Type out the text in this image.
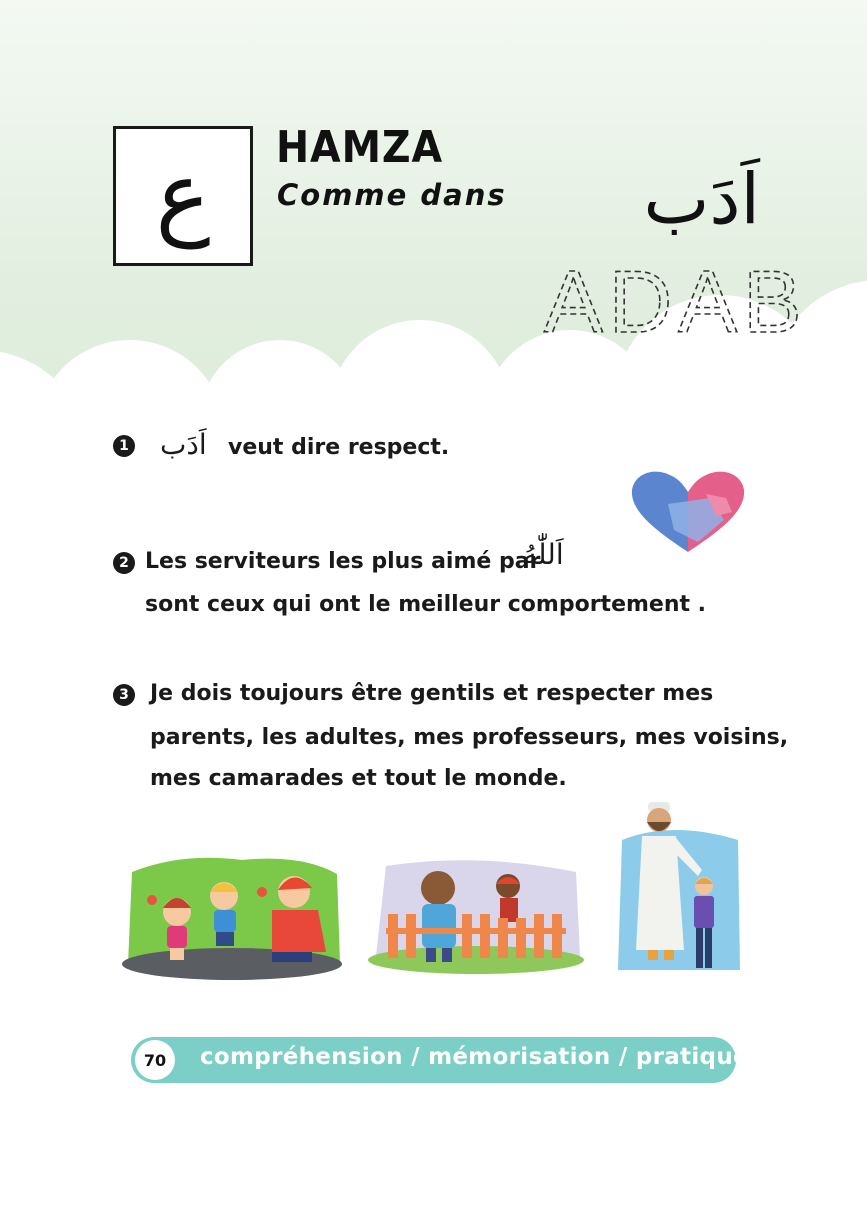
ع HAMZA
Comme dans	اَدَب
ADAB
1 اَدَب veut dire respect.
2 Les serviteurs les plus aimé par
اَللّٰهُ
sont ceux qui ont le meilleur comportement .
3 Je dois toujours être gentils et respecter mes
parents, les adultes, mes professeurs, mes voisins,
mes camarades et tout le monde.
70	compréhension / mémorisation / pratique
